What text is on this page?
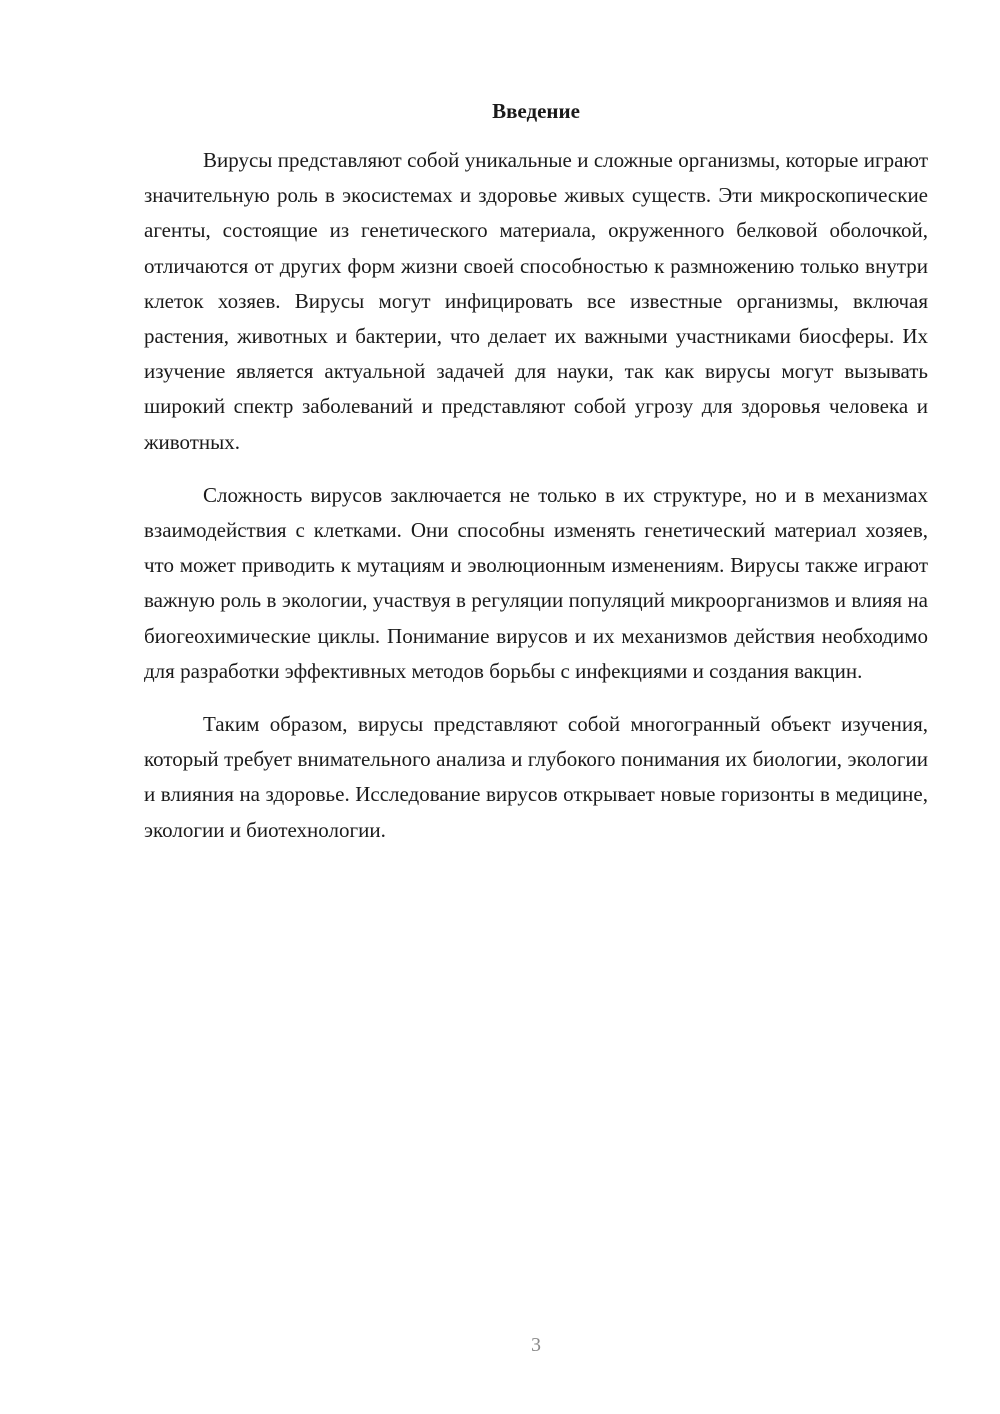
Введение

Вирусы представляют собой уникальные и сложные организмы, которые играют значительную роль в экосистемах и здоровье живых существ. Эти микроскопические агенты, состоящие из генетического материала, окруженного белковой оболочкой, отличаются от других форм жизни своей способностью к размножению только внутри клеток хозяев. Вирусы могут инфицировать все известные организмы, включая растения, животных и бактерии, что делает их важными участниками биосферы. Их изучение является актуальной задачей для науки, так как вирусы могут вызывать широкий спектр заболеваний и представляют собой угрозу для здоровья человека и животных.

Сложность вирусов заключается не только в их структуре, но и в механизмах взаимодействия с клетками. Они способны изменять генетический материал хозяев, что может приводить к мутациям и эволюционным изменениям. Вирусы также играют важную роль в экологии, участвуя в регуляции популяций микроорганизмов и влияя на биогеохимические циклы. Понимание вирусов и их механизмов действия необходимо для разработки эффективных методов борьбы с инфекциями и создания вакцин.

Таким образом, вирусы представляют собой многогранный объект изучения, который требует внимательного анализа и глубокого понимания их биологии, экологии и влияния на здоровье. Исследование вирусов открывает новые горизонты в медицине, экологии и биотехнологии.

3
